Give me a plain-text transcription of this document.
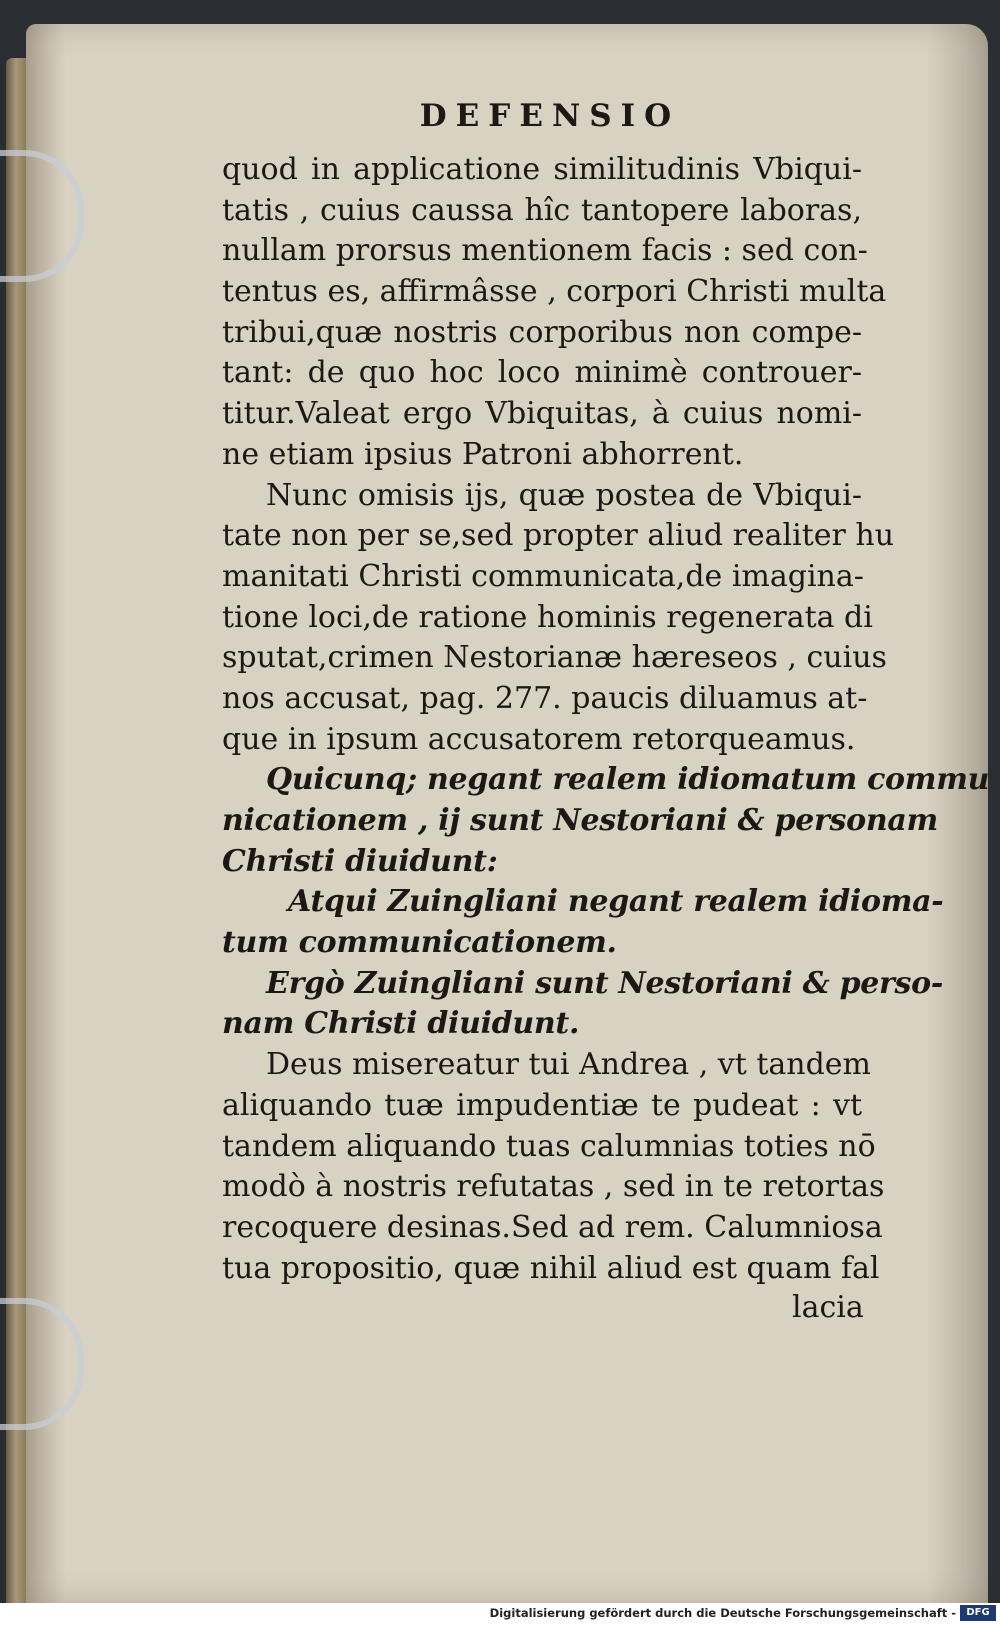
DEFENSIO
quod in applicatione similitudinis Vbiqui-
tatis , cuius caussa hîc tantopere laboras,
nullam prorsus mentionem facis : sed con-
tentus es, affirmâsse , corpori Christi multa
tribui,quæ nostris corporibus non compe-
tant: de quo hoc loco minimè controuer-
titur.Valeat ergo Vbiquitas, à cuius nomi-
ne etiam ipsius Patroni abhorrent.
Nunc omisis ijs, quæ postea de Vbiqui-
tate non per se,sed propter aliud realiter hu
manitati Christi communicata,de imagina-
tione loci,de ratione hominis regenerata di
sputat,crimen Nestorianæ hæreseos , cuius
nos accusat, pag. 277. paucis diluamus at-
que in ipsum accusatorem retorqueamus.
Quicunq; negant realem idiomatum commu
nicationem , ij sunt Nestoriani & personam
Christi diuidunt:
Atqui Zuingliani negant realem idioma-
tum communicationem.
Ergò Zuingliani sunt Nestoriani & perso-
nam Christi diuidunt.
Deus misereatur tui Andrea , vt tandem
aliquando tuæ impudentiæ te pudeat : vt
tandem aliquando tuas calumnias toties nō
modò à nostris refutatas , sed in te retortas
recoquere desinas.Sed ad rem. Calumniosa
tua propositio, quæ nihil aliud est quam fal
lacia
Digitalisierung gefördert durch die Deutsche Forschungsgemeinschaft -	DFG
